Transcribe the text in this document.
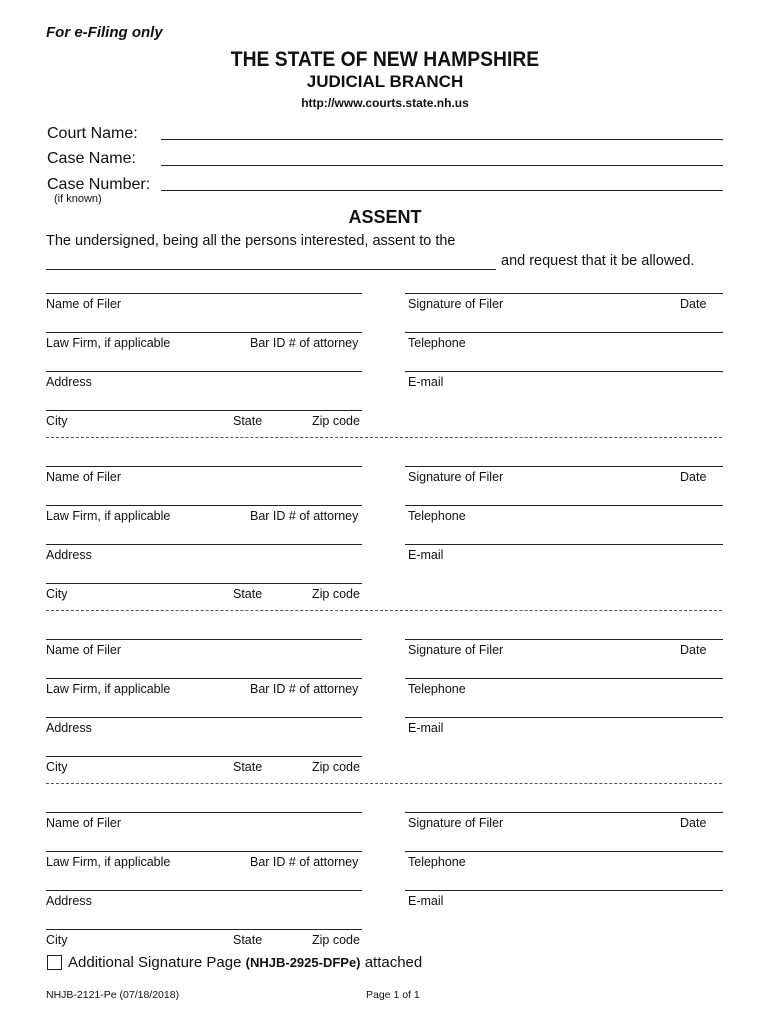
For e-Filing only
THE STATE OF NEW HAMPSHIRE
JUDICIAL BRANCH
http://www.courts.state.nh.us
Court Name:
Case Name:
Case Number:
(if known)
ASSENT
The undersigned, being all the persons interested, assent to the
and request that it be allowed.
Name of Filer	Signature of Filer	Date
Law Firm, if applicable	Bar ID # of attorney	Telephone
Address	E-mail
City	State	Zip code
Name of Filer	Signature of Filer	Date
Law Firm, if applicable	Bar ID # of attorney	Telephone
Address	E-mail
City	State	Zip code
Name of Filer	Signature of Filer	Date
Law Firm, if applicable	Bar ID # of attorney	Telephone
Address	E-mail
City	State	Zip code
Name of Filer	Signature of Filer	Date
Law Firm, if applicable	Bar ID # of attorney	Telephone
Address	E-mail
City	State	Zip code
Additional Signature Page (NHJB-2925-DFPe) attached
NHJB-2121-Pe (07/18/2018)	Page 1 of 1
